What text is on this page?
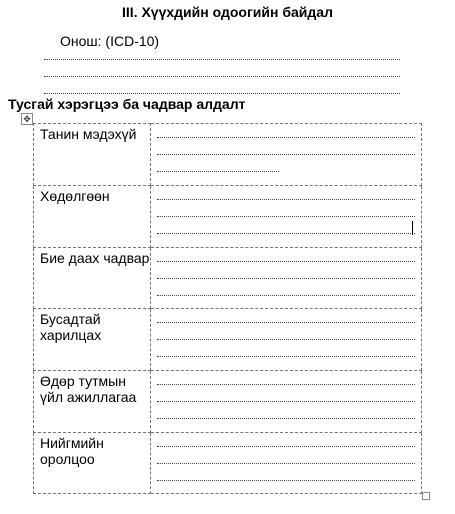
III. Хүүхдийн одоогийн байдал
Онош: (ICD-10)
Тусгай хэрэгцээ ба чадвар алдалт
✥
Танин мэдэхүй	

Хөдөлгөөн	

Бие даах чадвар	

Бусадтай харилцах	

Өдөр тутмын үйл ажиллагаа	

Нийгмийн оролцоо	
